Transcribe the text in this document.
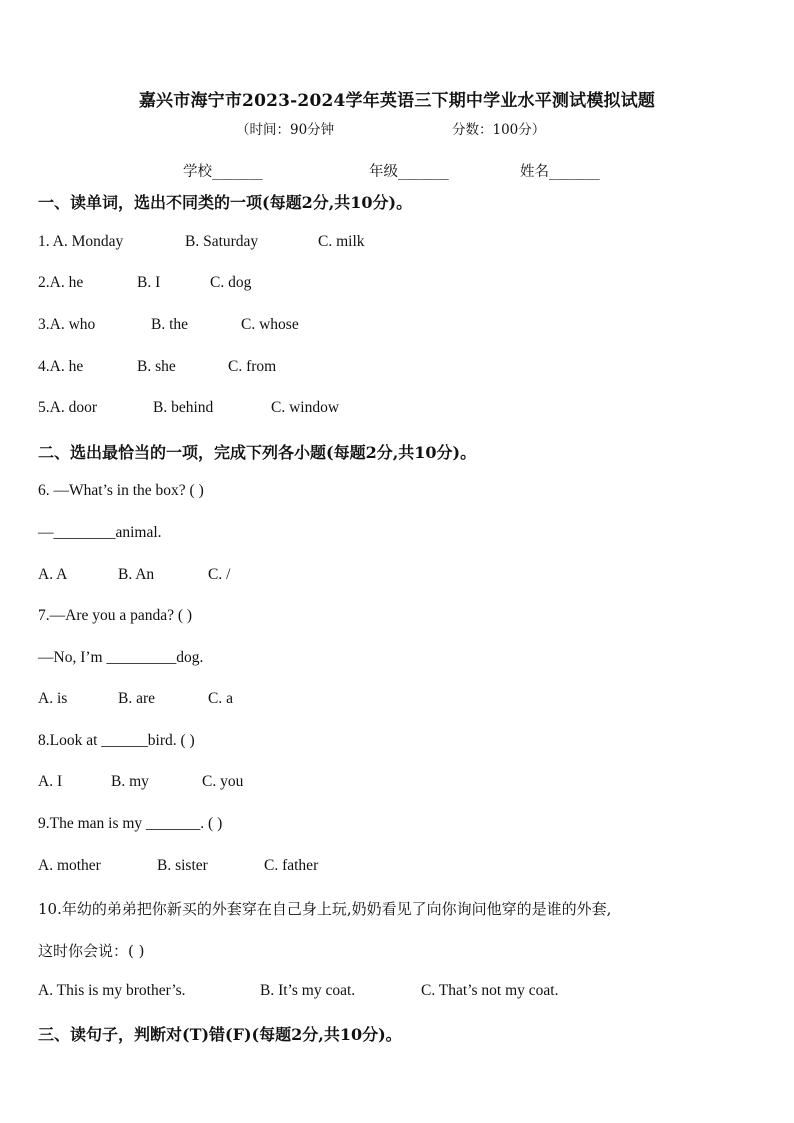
嘉兴市海宁市2023-2024学年英语三下期中学业水平测试模拟试题
（时间：90分钟	分数：100分）
学校_______	年级_______	姓名_______
一、读单词，选出不同类的一项(每题2分,共10分)。
1. A. Monday	B. Saturday	C. milk
2.A. he	B. I	C. dog
3.A. who	B. the	C. whose
4.A. he	B. she	C. from
5.A. door	B. behind	C. window
二、选出最恰当的一项，完成下列各小题(每题2分,共10分)。
6. —What’s in the box? ( )
—________animal.
A. A	B. An	C. /
7.—Are you a panda? ( )
—No, I’m _________dog.
A. is	B. are	C. a
8.Look at ______bird. ( )
A. I	B. my	C. you
9.The man is my _______. ( )
A. mother	B. sister	C. father
10.年幼的弟弟把你新买的外套穿在自己身上玩,奶奶看见了向你询问他穿的是谁的外套,
这时你会说：( )
A. This is my brother’s.	B. It’s my coat.	C. That’s not my coat.
三、读句子，判断对(T)错(F)(每题2分,共10分)。
